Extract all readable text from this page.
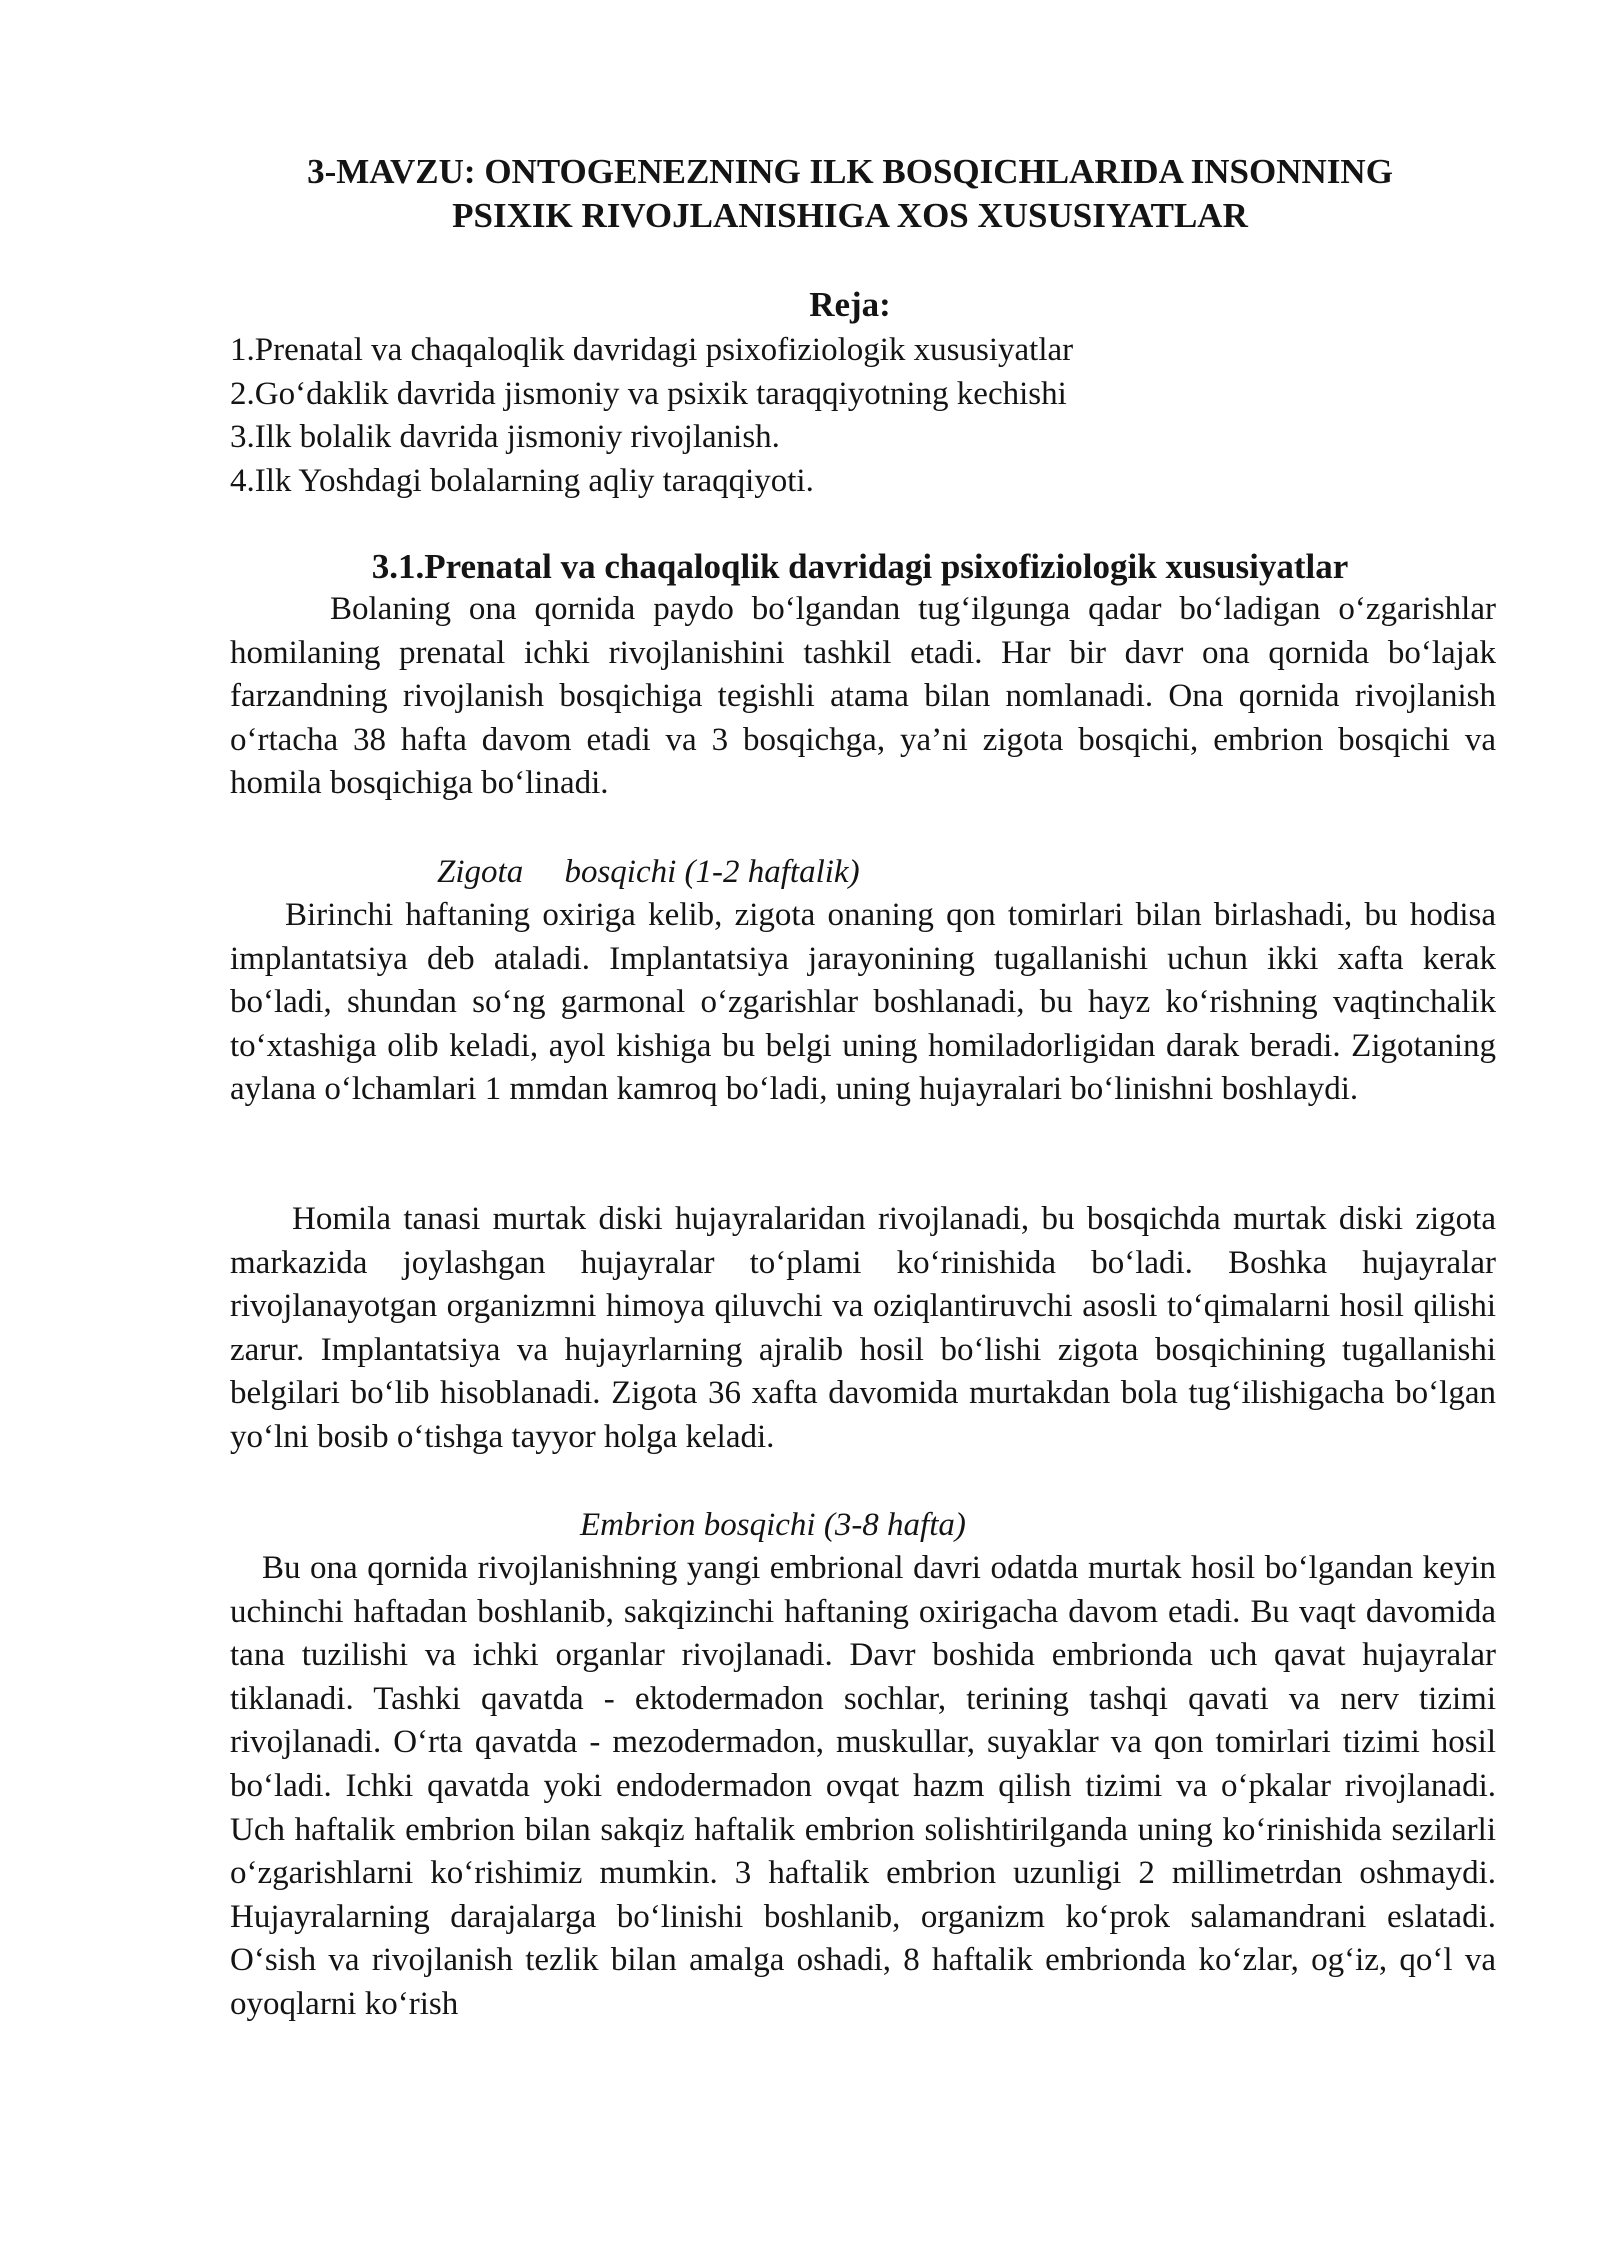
3-MAVZU: ONTOGENEZNING ILK BOSQICHLARIDA INSONNING
PSIXIK RIVOJLANISHIGA XOS XUSUSIYATLAR
Reja:
1.Prenatal va chaqaloqlik davridagi psixofiziologik xususiyatlar
2.Go‘daklik davrida jismoniy va psixik taraqqiyotning kechishi
3.Ilk bolalik davrida jismoniy rivojlanish.
4.Ilk Yoshdagi bolalarning aqliy taraqqiyoti.
3.1.Prenatal va chaqaloqlik davridagi psixofiziologik xususiyatlar

Bolaning ona qornida paydo bo‘lgandan tug‘ilgunga qadar bo‘ladigan o‘zgarishlar homilaning prenatal ichki rivojlanishini tashkil etadi. Har bir davr ona qornida bo‘lajak farzandning rivojlanish bosqichiga tegishli atama bilan nomlanadi. Ona qornida rivojlanish o‘rtacha 38 hafta davom etadi va 3 bosqichga, ya’ni zigota bosqichi, embrion bosqichi va homila bosqichiga bo‘linadi.

Zigota     bosqichi (1-2 haftalik)

Birinchi haftaning oxiriga kelib, zigota onaning qon tomirlari bilan birlashadi, bu hodisa implantatsiya deb ataladi. Implantatsiya jarayonining tugallanishi uchun ikki xafta kerak bo‘ladi, shundan so‘ng garmonal o‘zgarishlar boshlanadi, bu hayz ko‘rishning vaqtinchalik to‘xtashiga olib keladi, ayol kishiga bu belgi uning homiladorligidan darak beradi. Zigotaning aylana o‘lchamlari 1 mmdan kamroq bo‘ladi, uning hujayralari bo‘linishni boshlaydi.

Homila tanasi murtak diski hujayralaridan rivojlanadi, bu bosqichda murtak diski zigota markazida joylashgan hujayralar to‘plami ko‘rinishida bo‘ladi. Boshka hujayralar rivojlanayotgan organizmni himoya qiluvchi va oziqlantiruvchi asosli to‘qimalarni hosil qilishi zarur. Implantatsiya va hujayrlarning ajralib hosil bo‘lishi zigota bosqichining tugallanishi belgilari bo‘lib hisoblanadi. Zigota 36 xafta davomida murtakdan bola tug‘ilishigacha bo‘lgan yo‘lni bosib o‘tishga tayyor holga keladi.

Embrion bosqichi (3-8 hafta)

Bu ona qornida rivojlanishning yangi embrional davri odatda murtak hosil bo‘lgandan keyin uchinchi haftadan boshlanib, sakqizinchi haftaning oxirigacha davom etadi. Bu vaqt davomida tana tuzilishi va ichki organlar rivojlanadi. Davr boshida embrionda uch qavat hujayralar tiklanadi. Tashki qavatda - ektodermadon sochlar, terining tashqi qavati va nerv tizimi rivojlanadi. O‘rta qavatda - mezodermadon, muskullar, suyaklar va qon tomirlari tizimi hosil bo‘ladi. Ichki qavatda yoki endodermadon ovqat hazm qilish tizimi va o‘pkalar rivojlanadi. Uch haftalik embrion bilan sakqiz haftalik embrion solishtirilganda uning ko‘rinishida sezilarli o‘zgarishlarni ko‘rishimiz mumkin. 3 haftalik embrion uzunligi 2 millimetrdan oshmaydi. Hujayralarning darajalarga bo‘linishi boshlanib, organizm ko‘prok salamandrani eslatadi. O‘sish va rivojlanish tezlik bilan amalga oshadi, 8 haftalik embrionda ko‘zlar, og‘iz, qo‘l va oyoqlarni ko‘rish
